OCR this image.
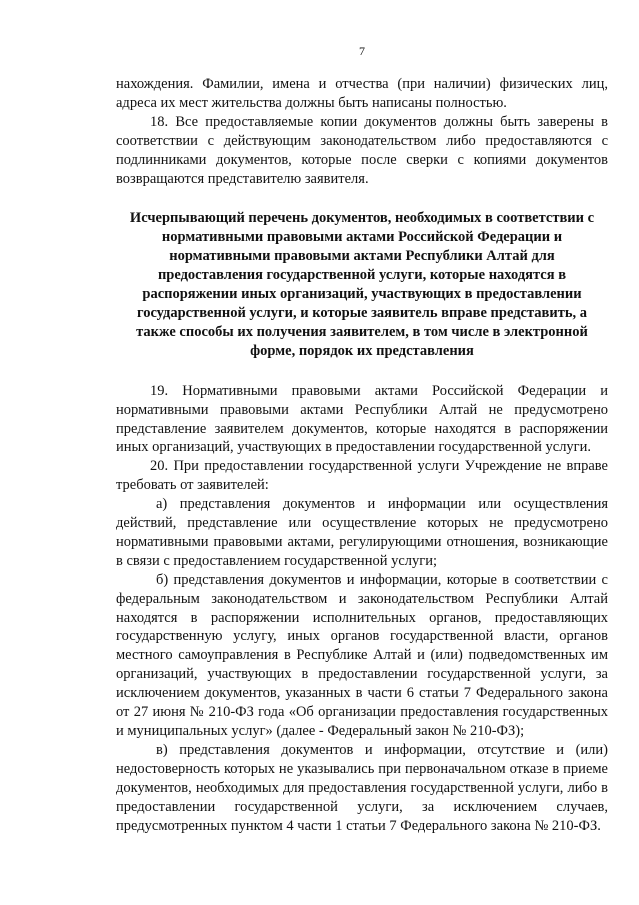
7

нахождения. Фамилии, имена и отчества (при наличии) физических лиц, адреса их мест жительства должны быть написаны полностью.

18. Все предоставляемые копии документов должны быть заверены в соответствии с действующим законодательством либо предоставляются с подлинниками документов, которые после сверки с копиями документов возвращаются представителю заявителя.

Исчерпывающий перечень документов, необходимых в соответствии с нормативными правовыми актами Российской Федерации и нормативными правовыми актами Республики Алтай для предоставления государственной услуги, которые находятся в распоряжении иных организаций, участвующих в предоставлении государственной услуги, и которые заявитель вправе представить, а также способы их получения заявителем, в том числе в электронной форме, порядок их представления

19. Нормативными правовыми актами Российской Федерации и нормативными правовыми актами Республики Алтай не предусмотрено представление заявителем документов, которые находятся в распоряжении иных организаций, участвующих в предоставлении государственной услуги.

20. При предоставлении государственной услуги Учреждение не вправе требовать от заявителей:

а) представления документов и информации или осуществления действий, представление или осуществление которых не предусмотрено нормативными правовыми актами, регулирующими отношения, возникающие в связи с предоставлением государственной услуги;

б) представления документов и информации, которые в соответствии с федеральным законодательством и законодательством Республики Алтай находятся в распоряжении исполнительных органов, предоставляющих государственную услугу, иных органов государственной власти, органов местного самоуправления в Республике Алтай и (или) подведомственных им организаций, участвующих в предоставлении государственной услуги, за исключением документов, указанных в части 6 статьи 7 Федерального закона от 27 июня № 210-ФЗ года «Об организации предоставления государственных и муниципальных услуг» (далее - Федеральный закон № 210-ФЗ);

в) представления документов и информации, отсутствие и (или) недостоверность которых не указывались при первоначальном отказе в приеме документов, необходимых для предоставления государственной услуги, либо в предоставлении государственной услуги, за исключением случаев, предусмотренных пунктом 4 части 1 статьи 7 Федерального закона № 210-ФЗ.
